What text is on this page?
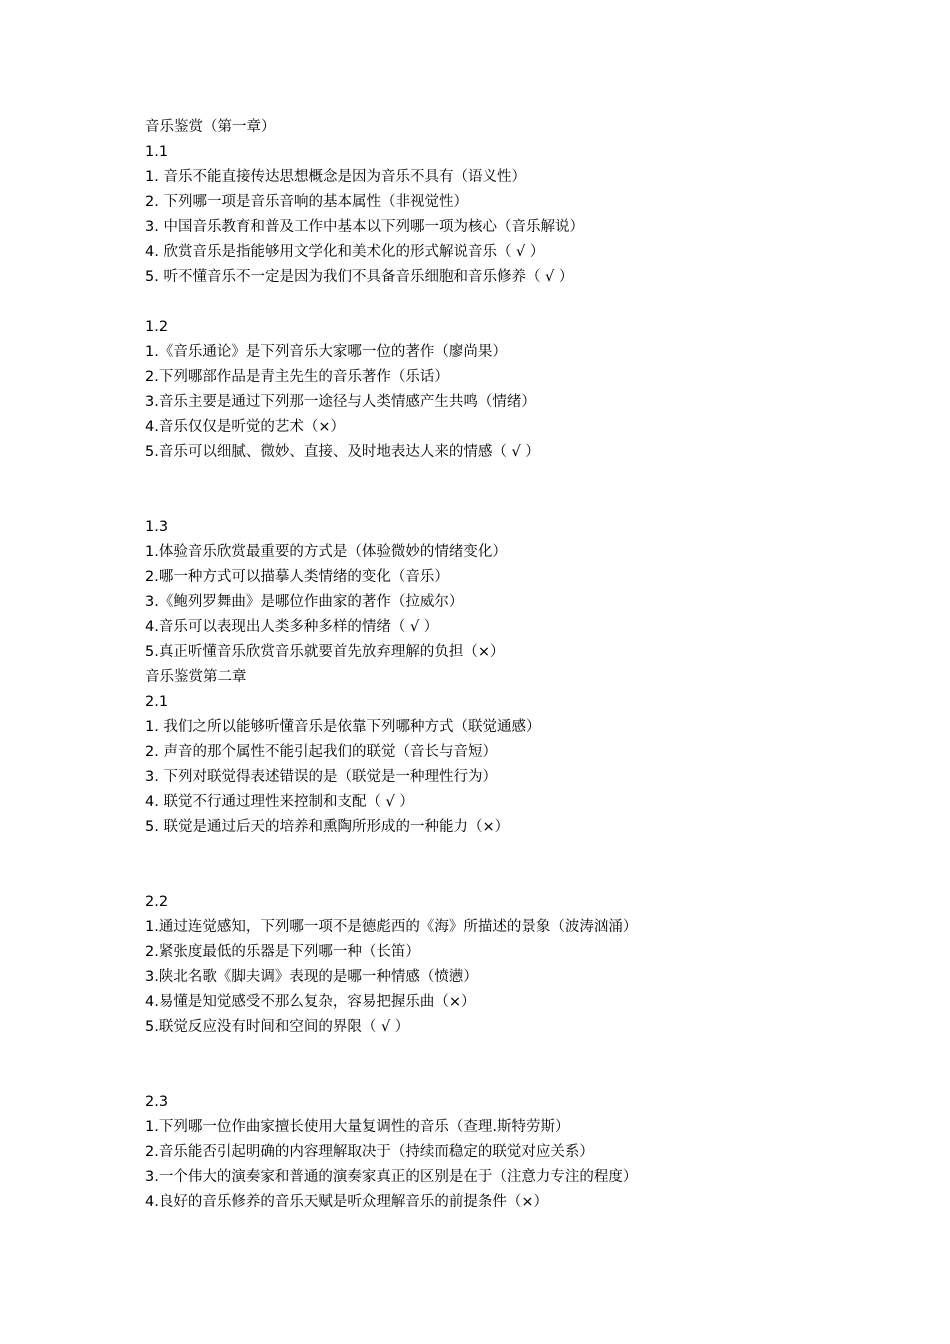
音乐鉴赏（第一章）
1.1
1. 音乐不能直接传达思想概念是因为音乐不具有（语义性）
2. 下列哪一项是音乐音响的基本属性（非视觉性）
3. 中国音乐教育和普及工作中基本以下列哪一项为核心（音乐解说）
4. 欣赏音乐是指能够用文学化和美术化的形式解说音乐（ √ ）
5. 听不懂音乐不一定是因为我们不具备音乐细胞和音乐修养（ √ ）
1.2
1.《音乐通论》是下列音乐大家哪一位的著作（廖尚果）
2.下列哪部作品是青主先生的音乐著作（乐话）
3.音乐主要是通过下列那一途径与人类情感产生共鸣（情绪）
4.音乐仅仅是听觉的艺术（×）
5.音乐可以细腻、微妙、直接、及时地表达人来的情感（ √ ）
1.3
1.体验音乐欣赏最重要的方式是（体验微妙的情绪变化）
2.哪一种方式可以描摹人类情绪的变化（音乐）
3.《鲍列罗舞曲》是哪位作曲家的著作（拉威尔）
4.音乐可以表现出人类多种多样的情绪（ √ ）
5.真正听懂音乐欣赏音乐就要首先放弃理解的负担（×）
音乐鉴赏第二章
2.1
1. 我们之所以能够听懂音乐是依靠下列哪种方式（联觉通感）
2. 声音的那个属性不能引起我们的联觉（音长与音短）
3. 下列对联觉得表述错误的是（联觉是一种理性行为）
4. 联觉不行通过理性来控制和支配（ √ ）
5. 联觉是通过后天的培养和熏陶所形成的一种能力（×）
2.2
1.通过连觉感知，下列哪一项不是德彪西的《海》所描述的景象（波涛汹涌）
2.紧张度最低的乐器是下列哪一种（长笛）
3.陕北名歌《脚夫调》表现的是哪一种情感（愤懑）
4.易懂是知觉感受不那么复杂，容易把握乐曲（×）
5.联觉反应没有时间和空间的界限（ √ ）
2.3
1.下列哪一位作曲家擅长使用大量复调性的音乐（查理.斯特劳斯）
2.音乐能否引起明确的内容理解取决于（持续而稳定的联觉对应关系）
3.一个伟大的演奏家和普通的演奏家真正的区别是在于（注意力专注的程度）
4.良好的音乐修养的音乐天赋是听众理解音乐的前提条件（×）
